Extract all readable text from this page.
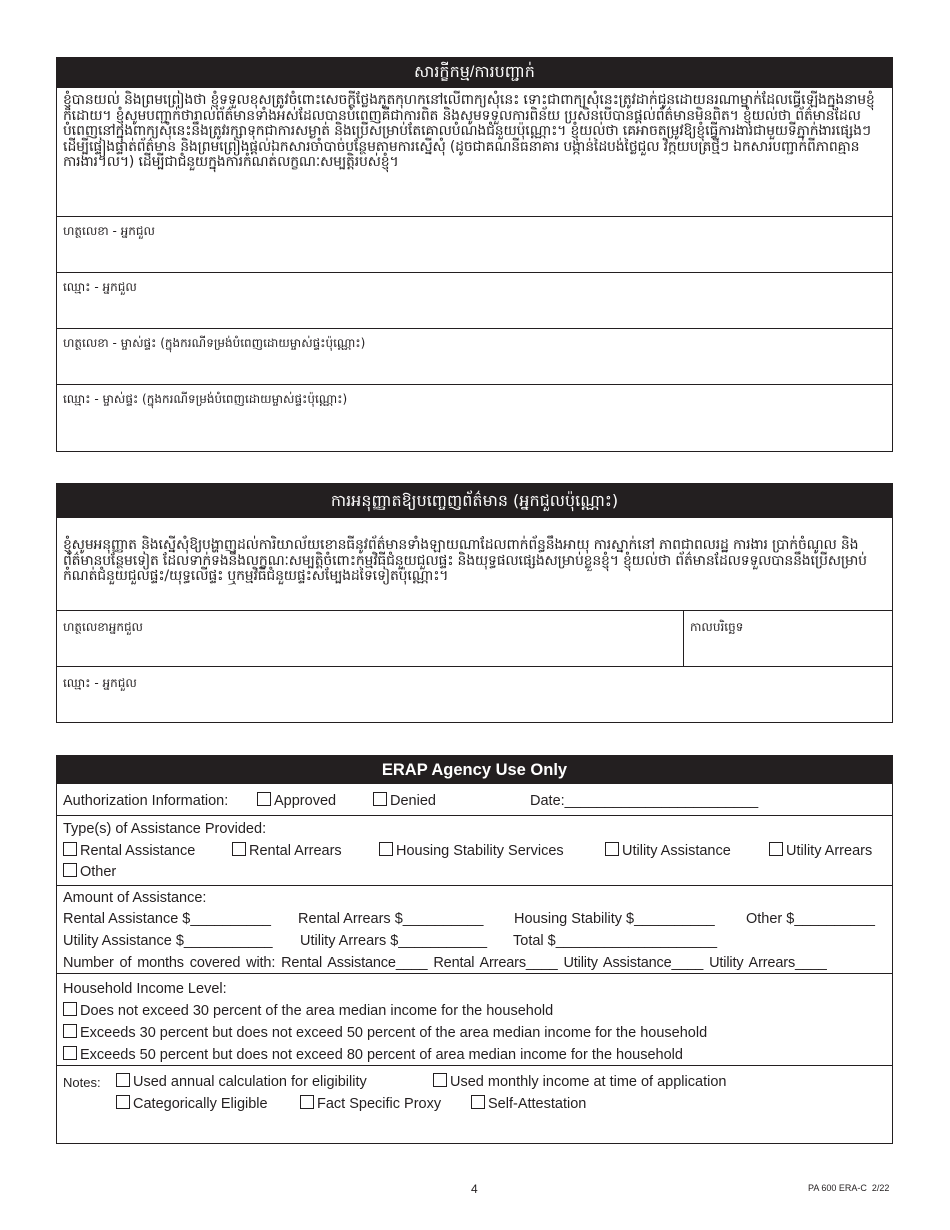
សារក្ខីកម្ម/ការបញ្ជាក់
ខ្ញុំបានយល់ និងព្រមព្រៀងថា ខ្ញុំទទួលខុសត្រូវចំពោះសេចក្តីថ្លែងភូតកុហកនៅលើពាក្យសុំនេះ ទោះជាពាក្យសុំនេះត្រូវដាក់ជូនដោយនរណាម្នាក់ដែលធ្វើឡើងក្នុងនាមខ្ញុំក៏ដោយ។ ខ្ញុំសូមបញ្ជាក់ថារាល់ព័ត៌មានទាំងអស់ដែលបានបំពេញគឺជាការពិត និងសូមទទួលការពិន័យ ប្រសិនបើបានផ្តល់ព័ត៌មានមិនពិត។ ខ្ញុំយល់ថា ព័ត៌មានដែលបំពេញនៅក្នុងពាក្យសុំនេះនឹងត្រូវរក្សាទុកជាការសម្ងាត់ និងប្រើសម្រាប់តែគោលបំណងជំនួយប៉ុណ្ណោះ។ ខ្ញុំយល់ថា គេអាចតម្រូវឱ្យខ្ញុំធ្វើការងារជាមួយទីភ្នាក់ងារផ្សេងៗ ដើម្បីផ្ទៀងផ្ទាត់ព័ត៌មាន និងព្រមព្រៀងផ្តល់ឯកសារចាំបាច់បន្ថែមតាមការស្នើសុំ (ដូចជាគណនីធនាគារ បង្កាន់ដៃបង់ថ្លៃជួល វិក្កយបត្រថ្មីៗ ឯកសារបញ្ជាក់ពីភាពគ្មានការងារ។ល។) ដើម្បីជាជំនួយក្នុងការកំណត់លក្ខណៈសម្បត្តិរបស់ខ្ញុំ។
ហត្ថលេខា - អ្នកជួល
ឈ្មោះ - អ្នកជួល
ហត្ថលេខា - ម្ចាស់ផ្ទះ (ក្នុងករណីទម្រង់បំពេញដោយម្ចាស់ផ្ទះប៉ុណ្ណោះ)
ឈ្មោះ - ម្ចាស់ផ្ទះ (ក្នុងករណីទម្រង់បំពេញដោយម្ចាស់ផ្ទះប៉ុណ្ណោះ)
ការអនុញ្ញាតឱ្យបញ្ចេញព័ត៌មាន (អ្នកជួលប៉ុណ្ណោះ)
ខ្ញុំសូមអនុញ្ញាត និងស្នើសុំឱ្យបង្ហាញដល់ការិយាល័យខោនធីនូវព័ត៌មានទាំងឡាយណាដែលពាក់ព័ន្ធនឹងអាយុ ការស្នាក់នៅ ភាពជាពលរដ្ឋ ការងារ ប្រាក់ចំណូល និងព័ត៌មានបន្ថែមទៀត ដែលទាក់ទងនឹងលក្ខណៈសម្បត្តិចំពោះកម្មវិធីជំនួយជួលផ្ទះ និងយុទ្ធផលផ្សេងសម្រាប់ខ្លួនខ្ញុំ។ ខ្ញុំយល់ថា ព័ត៌មានដែលទទួលបាននឹងប្រើសម្រាប់កំណត់ជំនួយជួលផ្ទះ/យុទ្ធលើផ្ទះ ឬកម្មវិធីជំនួយផ្ទះសម្បែងដទៃទៀតប៉ុណ្ណោះ។
ហត្ថលេខាអ្នកជួល	កាលបរិច្ឆេទ
ឈ្មោះ - អ្នកជួល
ERAP Agency Use Only
Authorization Information:	Approved	Denied	Date:________________________
Type(s) of Assistance Provided:
Rental Assistance	Rental Arrears	Housing Stability Services	Utility Assistance	Utility Arrears
Other
Amount of Assistance:
Rental Assistance $__________ Rental Arrears $__________ Housing Stability $__________ Other $__________
Utility Assistance $___________ Utility Arrears $___________ Total $____________________
Number of months covered with: Rental Assistance____ Rental Arrears____ Utility Assistance____ Utility Arrears____
Household Income Level:
Does not exceed 30 percent of the area median income for the household
Exceeds 30 percent but does not exceed 50 percent of the area median income for the household
Exceeds 50 percent but does not exceed 80 percent of area median income for the household
Notes:	Used annual calculation for eligibility	Used monthly income at time of application
Categorically Eligible	Fact Specific Proxy	Self-Attestation
4	PA 600 ERA-C  2/22
